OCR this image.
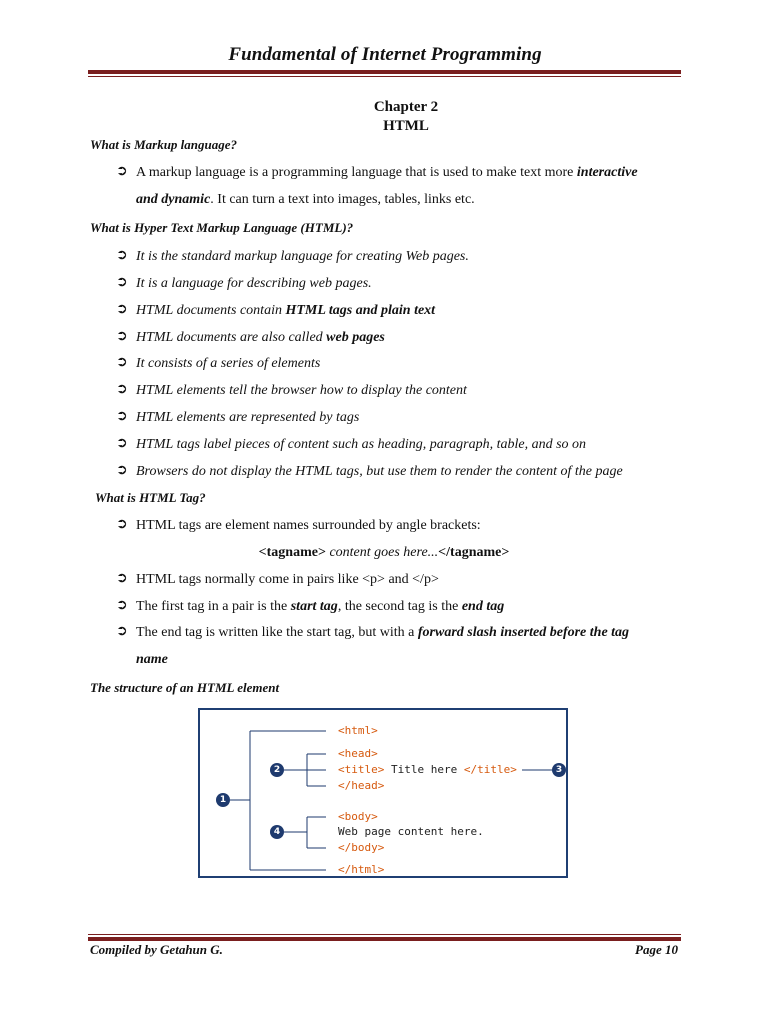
Fundamental of Internet Programming
Chapter 2
HTML
What is Markup language?
➲ A markup language is a programming language that is used to make text more interactive
and dynamic. It can turn a text into images, tables, links etc.
What is Hyper Text Markup Language (HTML)?
➲ It is the standard markup language for creating Web pages.
➲ It is a language for describing web pages.
➲ HTML documents contain HTML tags and plain text
➲ HTML documents are also called web pages
➲ It consists of a series of elements
➲ HTML elements tell the browser how to display the content
➲ HTML elements are represented by tags
➲ HTML tags label pieces of content such as heading, paragraph, table, and so on
➲ Browsers do not display the HTML tags, but use them to render the content of the page
What is HTML Tag?
➲ HTML tags are element names surrounded by angle brackets:
<tagname> content goes here...</tagname>
➲ HTML tags normally come in pairs like <p> and </p>
➲ The first tag in a pair is the start tag, the second tag is the end tag
➲ The end tag is written like the start tag, but with a forward slash inserted before the tag
name
The structure of an HTML element
<html>
<head>
<title> Title here </title>
</head>
<body>
Web page content here.
</body>
</html>
1
2	3
4
Compiled by Getahun G.	Page 10
